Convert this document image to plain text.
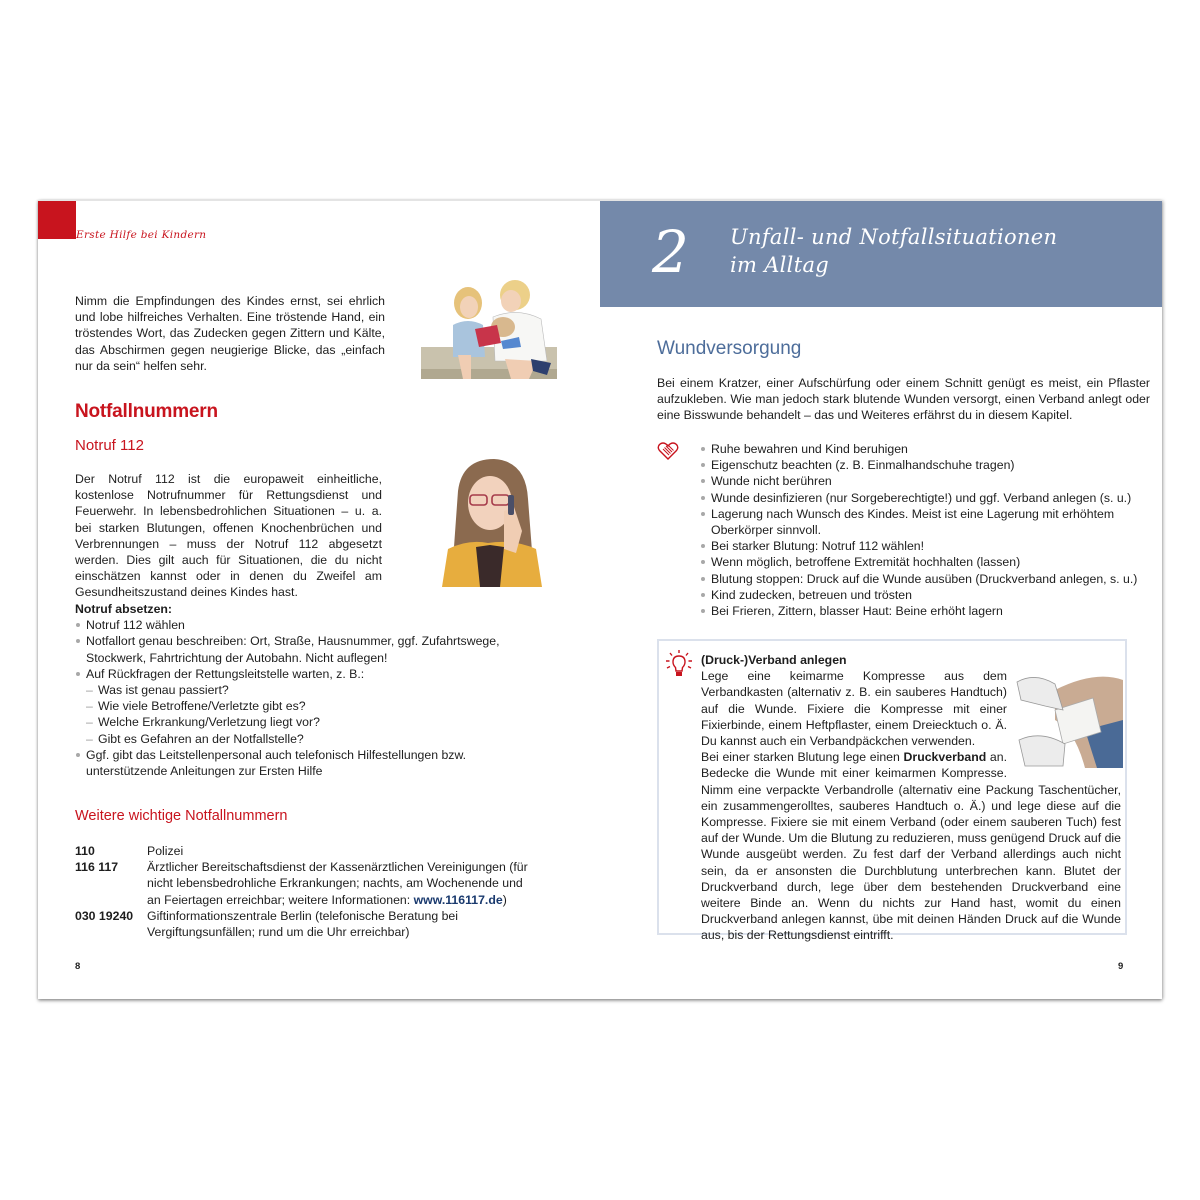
Erste Hilfe bei Kindern

Nimm die Empfindungen des Kindes ernst, sei ehrlich und lobe hilfreiches Verhalten. Eine tröstende Hand, ein tröstendes Wort, das Zudecken gegen Zittern und Kälte, das Abschirmen gegen neugierige Blicke, das „einfach nur da sein“ helfen sehr.

Notfallnummern
Notruf 112

Der Notruf 112 ist die europaweit einheitliche, kostenlose Notrufnummer für Rettungsdienst und Feuerwehr. In lebensbedrohlichen Situationen – u. a. bei starken Blutungen, offenen Knochenbrüchen und Verbrennungen – muss der Notruf 112 abgesetzt werden. Dies gilt auch für Situationen, die du nicht einschätzen kannst oder in denen du Zweifel am Gesundheitszustand deines Kindes hast.

Notruf absetzen:
Notruf 112 wählen
Notfallort genau beschreiben: Ort, Straße, Hausnummer, ggf. Zufahrtswege, Stockwerk, Fahrtrichtung der Autobahn. Nicht auflegen!
Auf Rückfragen der Rettungsleitstelle warten, z. B.:
– Was ist genau passiert?
– Wie viele Betroffene/Verletzte gibt es?
– Welche Erkrankung/Verletzung liegt vor?
– Gibt es Gefahren an der Notfallstelle?
Ggf. gibt das Leitstellenpersonal auch telefonisch Hilfestellungen bzw. unterstützende Anleitungen zur Ersten Hilfe
Weitere wichtige Notfallnummern
110	Polizei
116 117	Ärztlicher Bereitschaftsdienst der Kassenärztlichen Vereinigungen (für nicht lebensbedrohliche Erkrankungen; nachts, am Wochenende und an Feiertagen erreichbar; weitere Informationen: www.116117.de)
030 19240	Giftinformationszentrale Berlin (telefonische Beratung bei Vergiftungsunfällen; rund um die Uhr erreichbar)
8
2 Unfall- und Notfallsituationen
im Alltag
Wundversorgung

Bei einem Kratzer, einer Aufschürfung oder einem Schnitt genügt es meist, ein Pflaster aufzukleben. Wie man jedoch stark blutende Wunden versorgt, einen Verband anlegt oder eine Bisswunde behandelt – das und Weiteres erfährst du in diesem Kapitel.

Ruhe bewahren und Kind beruhigen
Eigenschutz beachten (z. B. Einmalhandschuhe tragen)
Wunde nicht berühren
Wunde desinfizieren (nur Sorgeberechtigte!) und ggf. Verband anlegen (s. u.)
Lagerung nach Wunsch des Kindes. Meist ist eine Lagerung mit erhöhtem Oberkörper sinnvoll.
Bei starker Blutung: Notruf 112 wählen!
Wenn möglich, betroffene Extremität hochhalten (lassen)
Blutung stoppen: Druck auf die Wunde ausüben (Druckverband anlegen, s. u.)
Kind zudecken, betreuen und trösten
Bei Frieren, Zittern, blasser Haut: Beine erhöht lagern
(Druck-)Verband anlegen

Lege eine keimarme Kompresse aus dem Verbandkasten (alternativ z. B. ein sauberes Handtuch) auf die Wunde. Fixiere die Kompresse mit einer Fixierbinde, einem Heftpflaster, einem Dreiecktuch o. Ä. Du kannst auch ein Verbandpäckchen verwenden.

Bei einer starken Blutung lege einen Druckverband an. Bedecke die Wunde mit einer keimarmen Kompresse. Nimm eine verpackte Verbandrolle (alternativ eine Packung Taschentücher, ein zusammengerolltes, sauberes Handtuch o. Ä.) und lege diese auf die Kompresse. Fixiere sie mit einem Verband (oder einem sauberen Tuch) fest auf der Wunde. Um die Blutung zu reduzieren, muss genügend Druck auf die Wunde ausgeübt werden. Zu fest darf der Verband allerdings auch nicht sein, da er ansonsten die Durchblutung unterbrechen kann. Blutet der Druckverband durch, lege über dem bestehenden Druckverband eine weitere Binde an. Wenn du nichts zur Hand hast, womit du einen Druckverband anlegen kannst, übe mit deinen Händen Druck auf die Wunde aus, bis der Rettungsdienst eintrifft.

9
